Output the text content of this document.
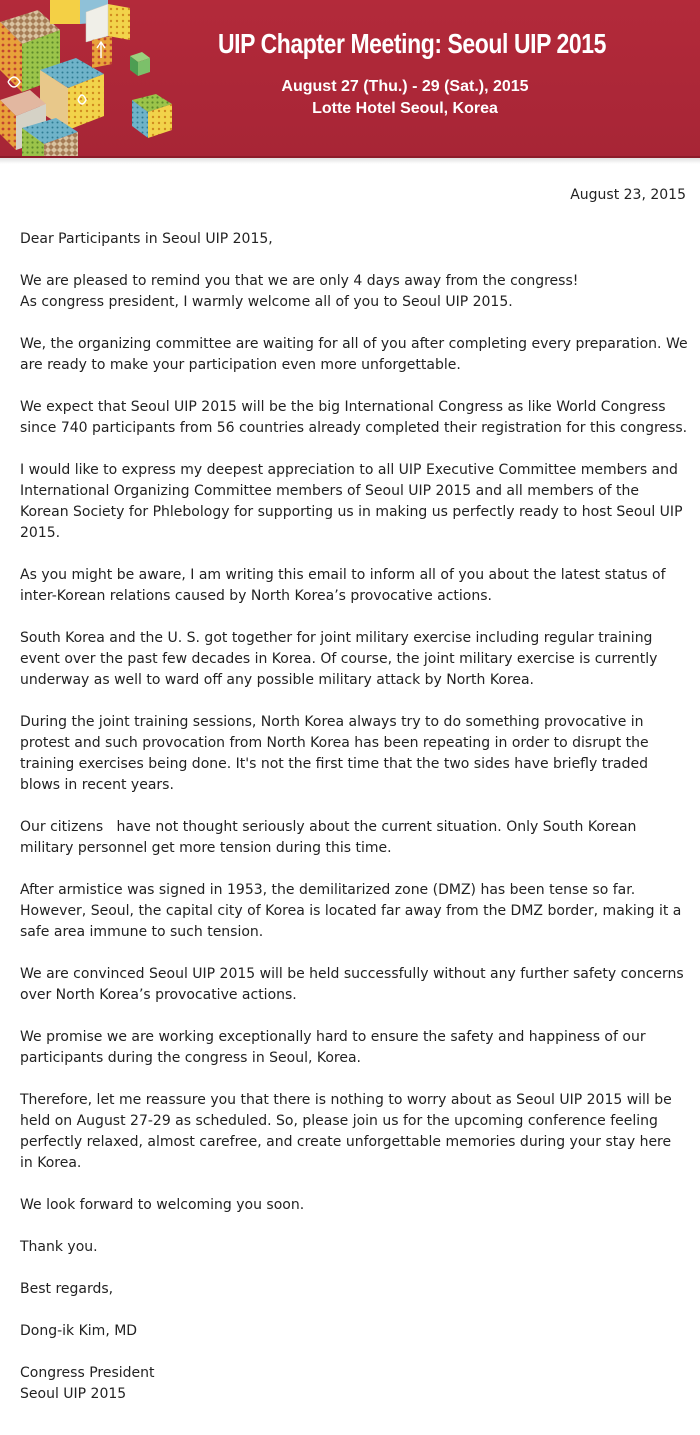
UIP Chapter Meeting: Seoul UIP 2015
August 27 (Thu.) - 29 (Sat.), 2015
Lotte Hotel Seoul, Korea
August 23, 2015

Dear Participants in Seoul UIP 2015,

We are pleased to remind you that we are only 4 days away from the congress!
As congress president, I warmly welcome all of you to Seoul UIP 2015.

We, the organizing committee are waiting for all of you after completing every preparation. We are ready to make your participation even more unforgettable.

We expect that Seoul UIP 2015 will be the big International Congress as like World Congress since 740 participants from 56 countries already completed their registration for this congress.

I would like to express my deepest appreciation to all UIP Executive Committee members and International Organizing Committee members of Seoul UIP 2015 and all members of the Korean Society for Phlebology for supporting us in making us perfectly ready to host Seoul UIP 2015.

As you might be aware, I am writing this email to inform all of you about the latest status of inter-Korean relations caused by North Korea’s provocative actions.

South Korea and the U. S. got together for joint military exercise including regular training event over the past few decades in Korea. Of course, the joint military exercise is currently underway as well to ward off any possible military attack by North Korea.

During the joint training sessions, North Korea always try to do something provocative in protest and such provocation from North Korea has been repeating in order to disrupt the training exercises being done. It's not the first time that the two sides have briefly traded blows in recent years.

Our citizens   have not thought seriously about the current situation. Only South Korean military personnel get more tension during this time.

After armistice was signed in 1953, the demilitarized zone (DMZ) has been tense so far. However, Seoul, the capital city of Korea is located far away from the DMZ border, making it a safe area immune to such tension.

We are convinced Seoul UIP 2015 will be held successfully without any further safety concerns over North Korea’s provocative actions.

We promise we are working exceptionally hard to ensure the safety and happiness of our participants during the congress in Seoul, Korea.

Therefore, let me reassure you that there is nothing to worry about as Seoul UIP 2015 will be held on August 27-29 as scheduled. So, please join us for the upcoming conference feeling perfectly relaxed, almost carefree, and create unforgettable memories during your stay here in Korea.

We look forward to welcoming you soon.

Thank you.

Best regards,

Dong-ik Kim, MD

Congress President
Seoul UIP 2015
